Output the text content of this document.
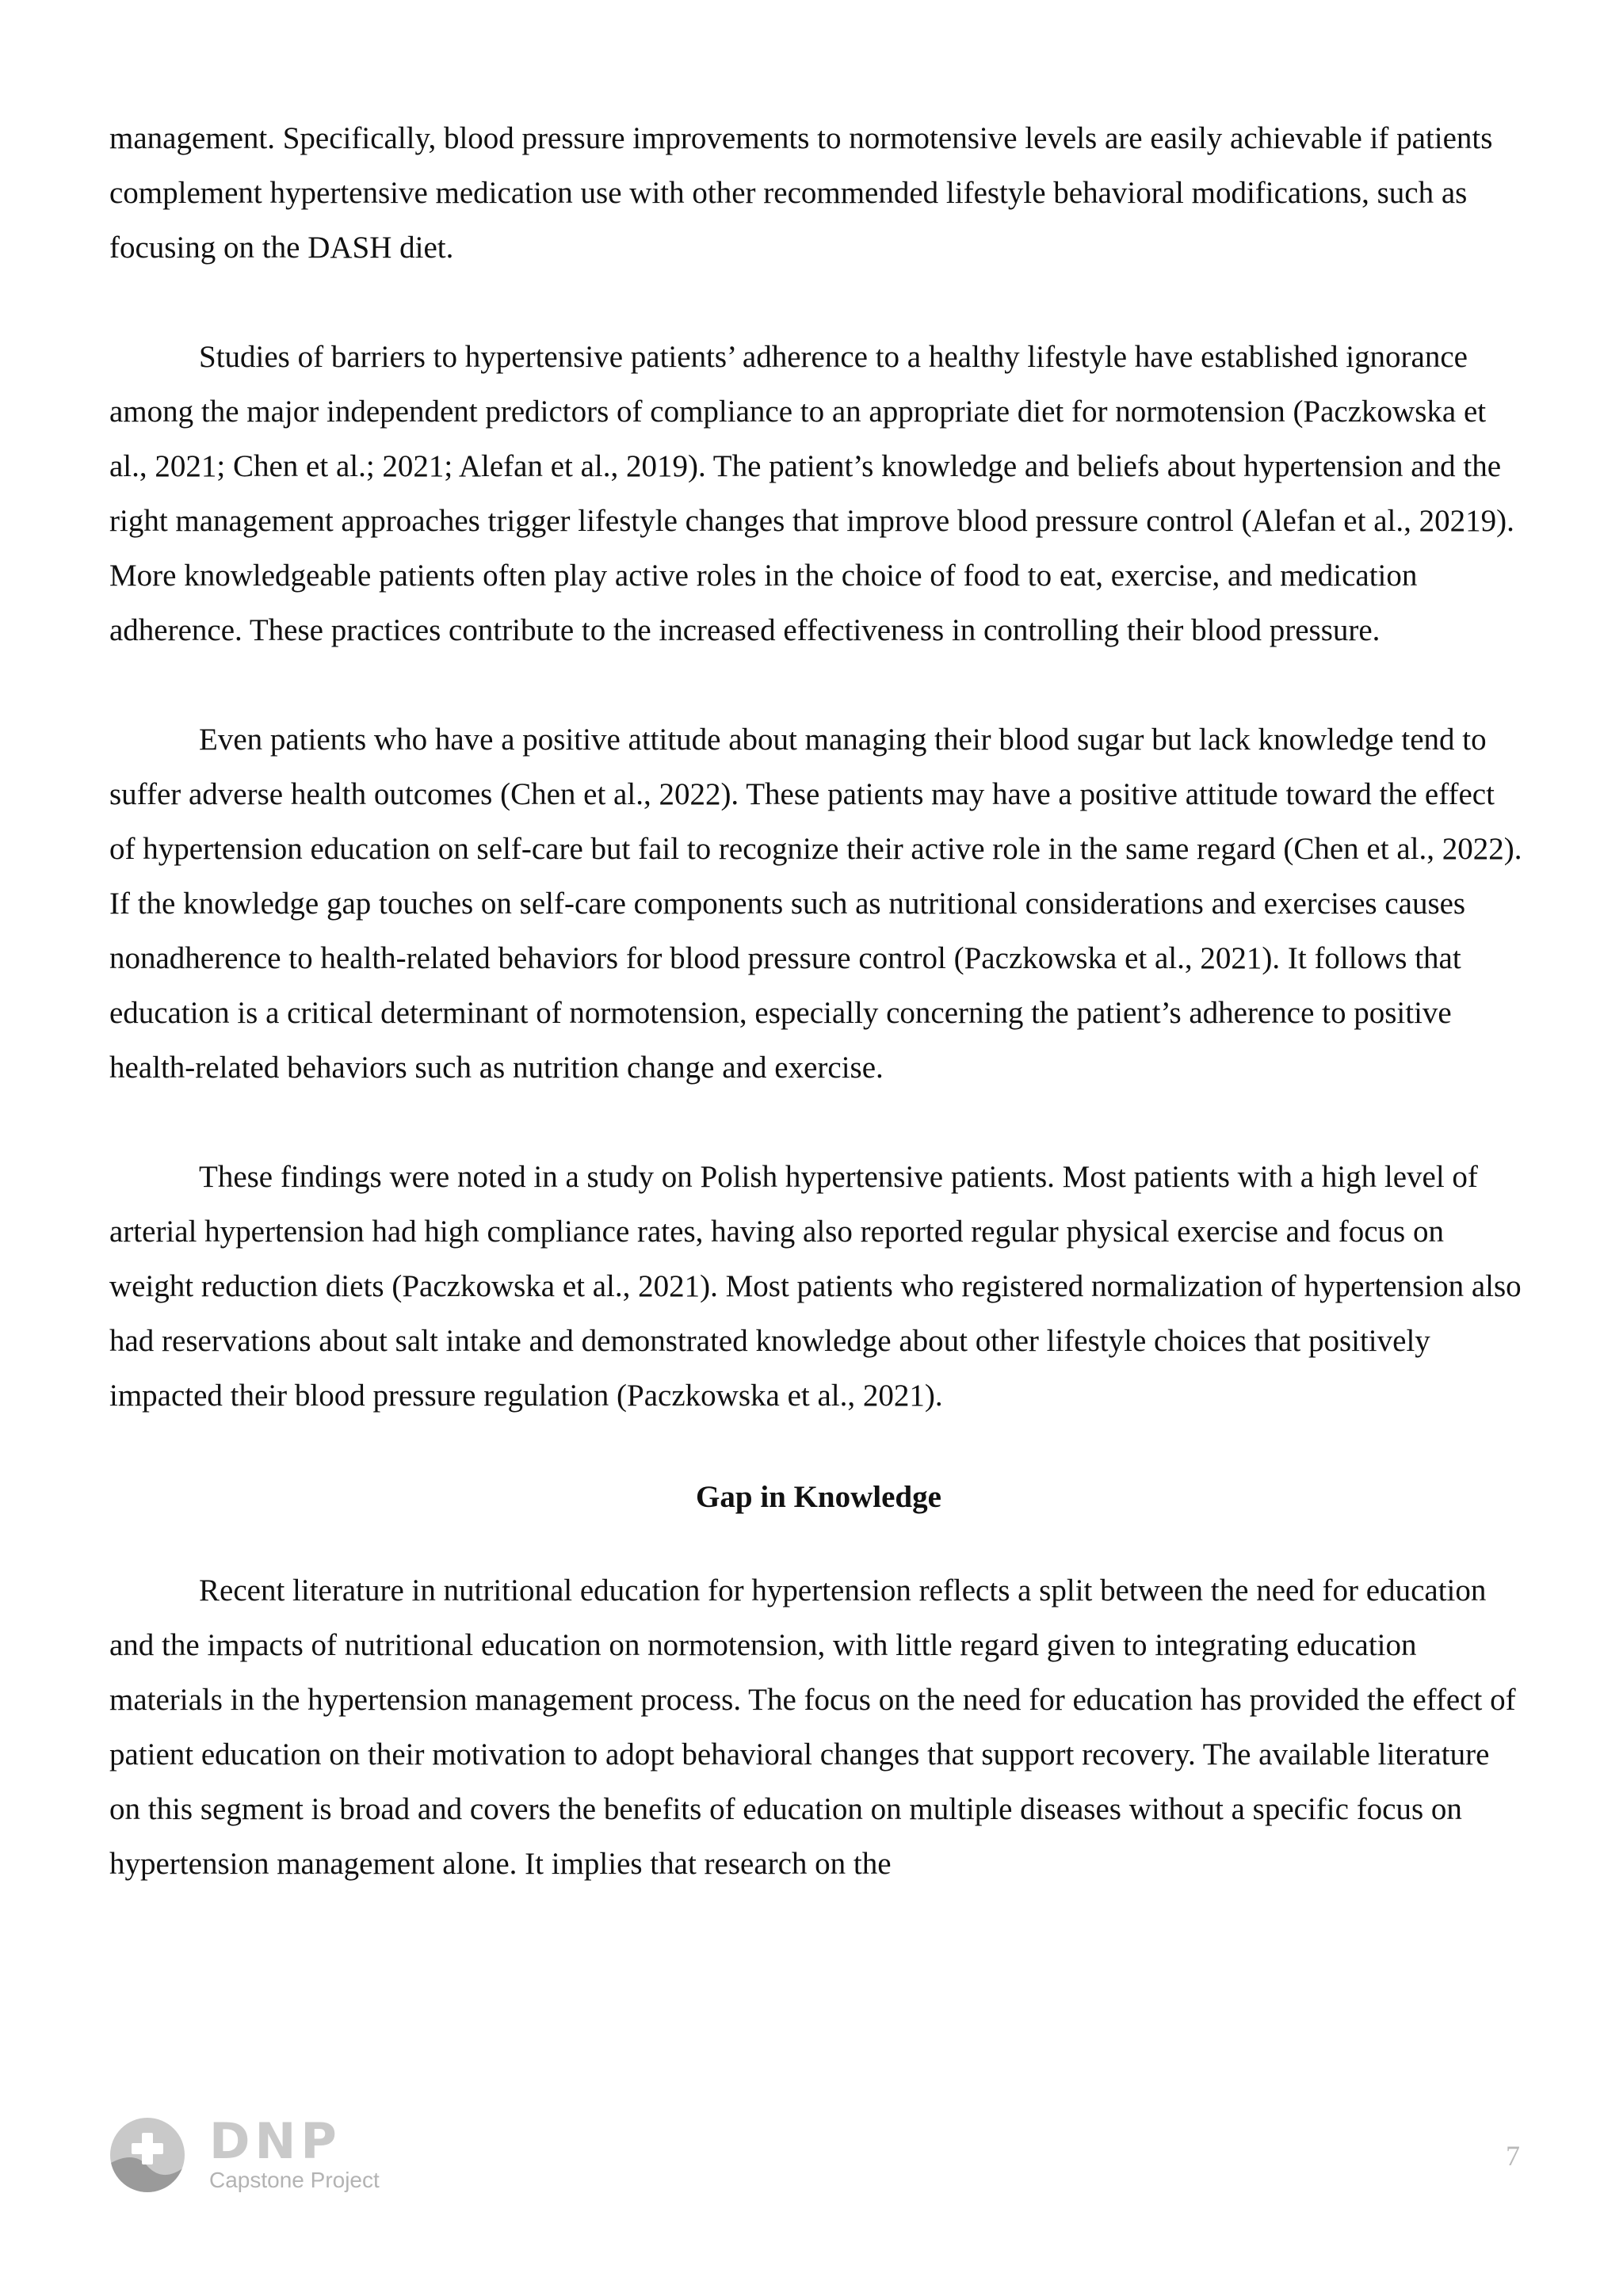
management. Specifically, blood pressure improvements to normotensive levels are easily achievable if patients complement hypertensive medication use with other recommended lifestyle behavioral modifications, such as focusing on the DASH diet.

Studies of barriers to hypertensive patients’ adherence to a healthy lifestyle have established ignorance among the major independent predictors of compliance to an appropriate diet for normotension (Paczkowska et al., 2021; Chen et al.; 2021; Alefan et al., 2019). The patient’s knowledge and beliefs about hypertension and the right management approaches trigger lifestyle changes that improve blood pressure control (Alefan et al., 20219). More knowledgeable patients often play active roles in the choice of food to eat, exercise, and medication adherence. These practices contribute to the increased effectiveness in controlling their blood pressure.

Even patients who have a positive attitude about managing their blood sugar but lack knowledge tend to suffer adverse health outcomes (Chen et al., 2022). These patients may have a positive attitude toward the effect of hypertension education on self-care but fail to recognize their active role in the same regard (Chen et al., 2022). If the knowledge gap touches on self-care components such as nutritional considerations and exercises causes nonadherence to health-related behaviors for blood pressure control (Paczkowska et al., 2021). It follows that education is a critical determinant of normotension, especially concerning the patient’s adherence to positive health-related behaviors such as nutrition change and exercise.

These findings were noted in a study on Polish hypertensive patients. Most patients with a high level of arterial hypertension had high compliance rates, having also reported regular physical exercise and focus on weight reduction diets (Paczkowska et al., 2021). Most patients who registered normalization of hypertension also had reservations about salt intake and demonstrated knowledge about other lifestyle choices that positively impacted their blood pressure regulation (Paczkowska et al., 2021).

Gap in Knowledge

Recent literature in nutritional education for hypertension reflects a split between the need for education and the impacts of nutritional education on normotension, with little regard given to integrating education materials in the hypertension management process. The focus on the need for education has provided the effect of patient education on their motivation to adopt behavioral changes that support recovery. The available literature on this segment is broad and covers the benefits of education on multiple diseases without a specific focus on hypertension management alone. It implies that research on the

DNP
Capstone Project
7
